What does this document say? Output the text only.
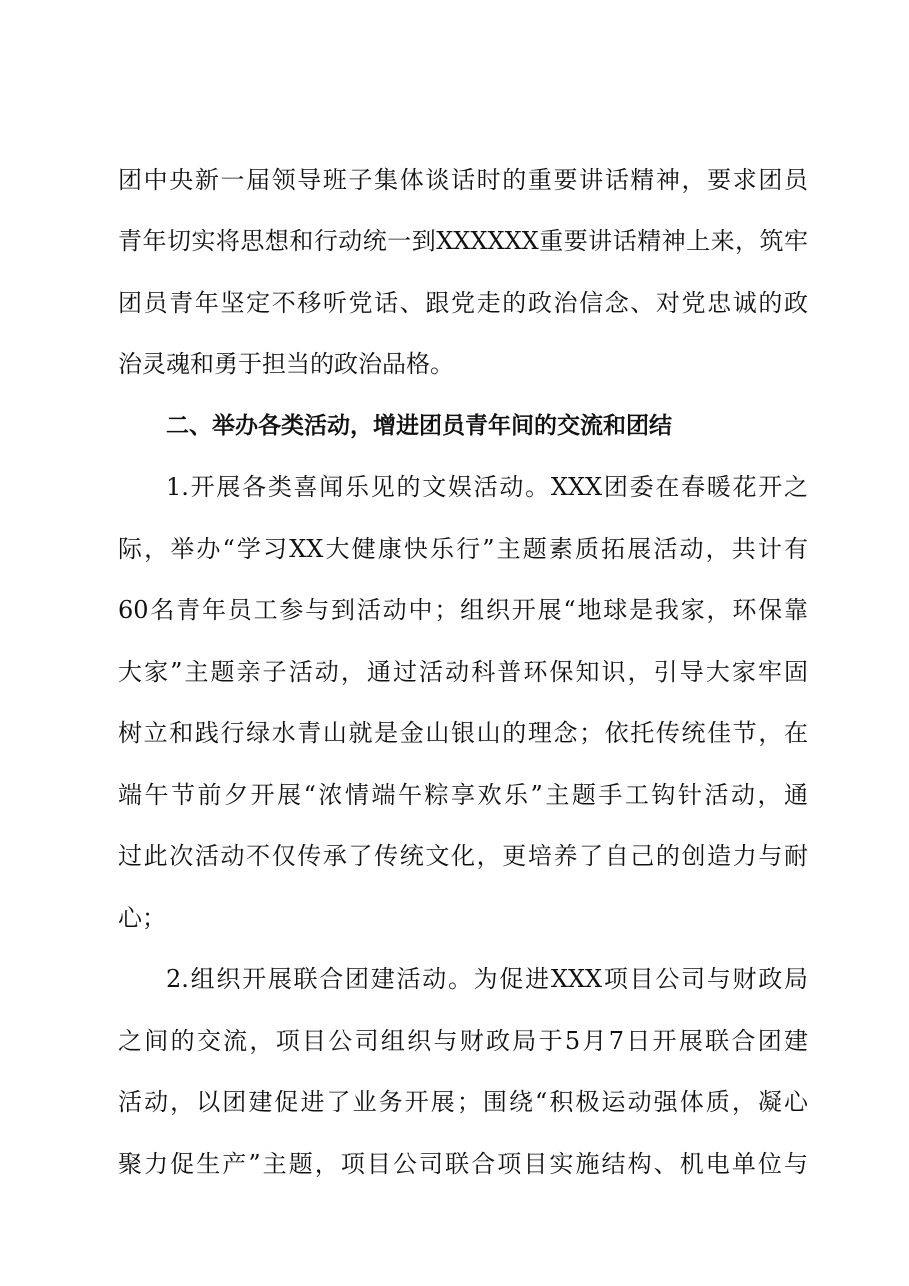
团中央新一届领导班子集体谈话时的重要讲话精神，要求团员
青年切实将思想和行动统一到XXXXXX重要讲话精神上来，筑牢
团员青年坚定不移听党话、跟党走的政治信念、对党忠诚的政
治灵魂和勇于担当的政治品格。
二、举办各类活动，增进团员青年间的交流和团结
1.开展各类喜闻乐见的文娱活动。XXX团委在春暖花开之
际，举办“学习XX大健康快乐行”主题素质拓展活动，共计有
60名青年员工参与到活动中；组织开展“地球是我家，环保靠
大家”主题亲子活动，通过活动科普环保知识，引导大家牢固
树立和践行绿水青山就是金山银山的理念；依托传统佳节，在
端午节前夕开展“浓情端午粽享欢乐”主题手工钩针活动，通
过此次活动不仅传承了传统文化，更培养了自己的创造力与耐
心；
2.组织开展联合团建活动。为促进XXX项目公司与财政局
之间的交流，项目公司组织与财政局于5月7日开展联合团建
活动，以团建促进了业务开展；围绕“积极运动强体质，凝心
聚力促生产”主题，项目公司联合项目实施结构、机电单位与
